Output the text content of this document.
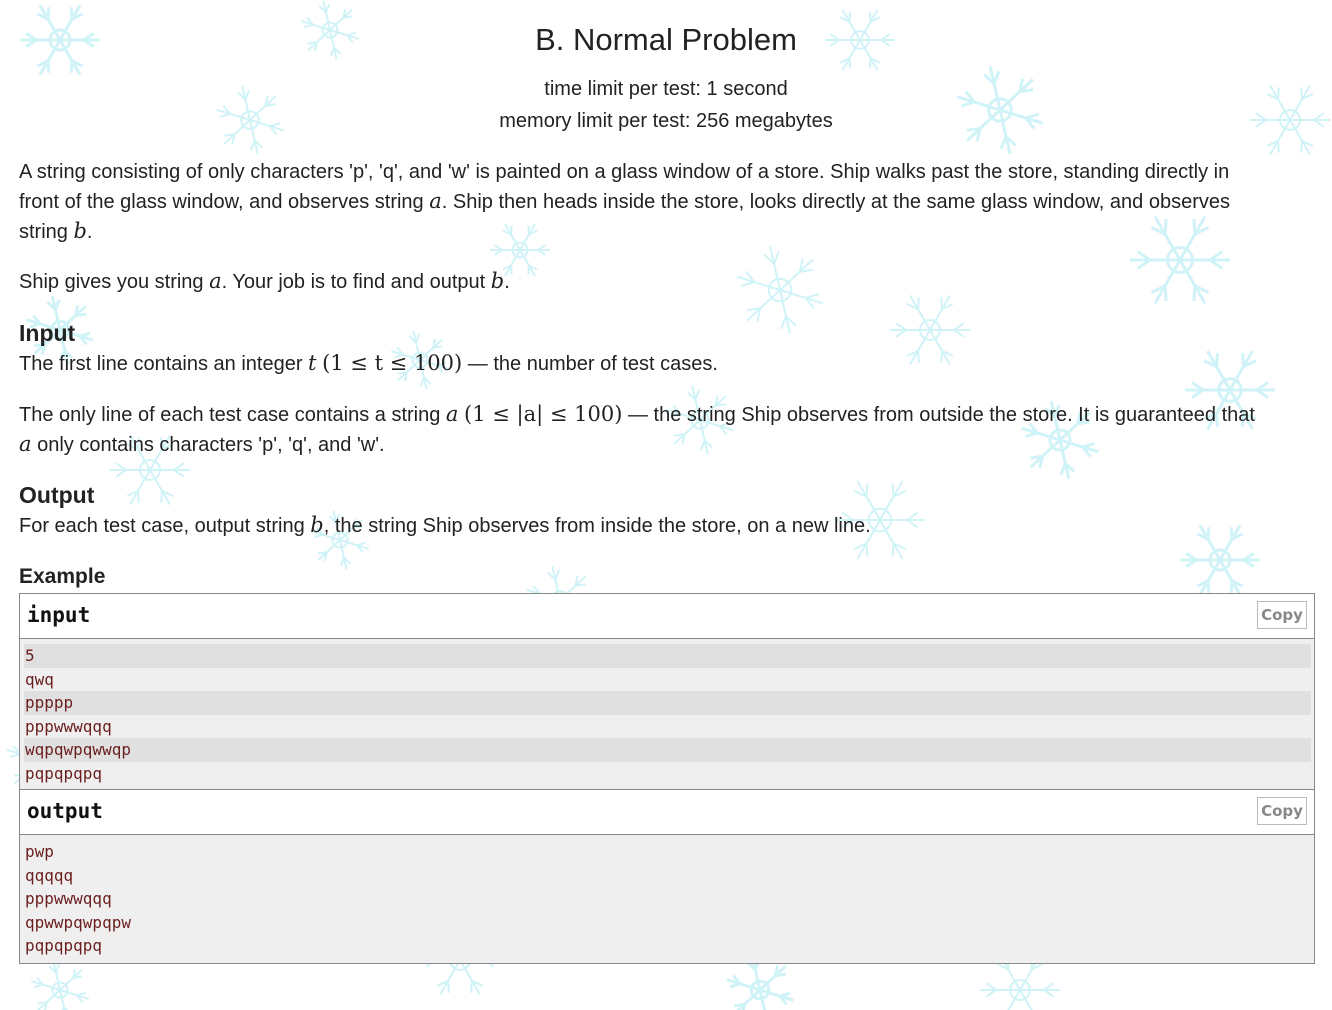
B. Normal Problem
time limit per test: 1 second
memory limit per test: 256 megabytes
A string consisting of only characters 'p', 'q', and 'w' is painted on a glass window of a store. Ship walks past the store, standing directly in
front of the glass window, and observes string a. Ship then heads inside the store, looks directly at the same glass window, and observes
string b.
Ship gives you string a. Your job is to find and output b.
Input
The first line contains an integer t (1 ≤ t ≤ 100) — the number of test cases.
The only line of each test case contains a string a (1 ≤ |a| ≤ 100) — the string Ship observes from outside the store. It is guaranteed that
a only contains characters 'p', 'q', and 'w'.
Output
For each test case, output string b, the string Ship observes from inside the store, on a new line.
Example
input	Copy
5
qwq
ppppp
pppwwwqqq
wqpqwpqwwqp
pqpqpqpq
output	Copy
pwp
qqqqq
pppwwwqqq
qpwwpqwpqpw
pqpqpqpq
